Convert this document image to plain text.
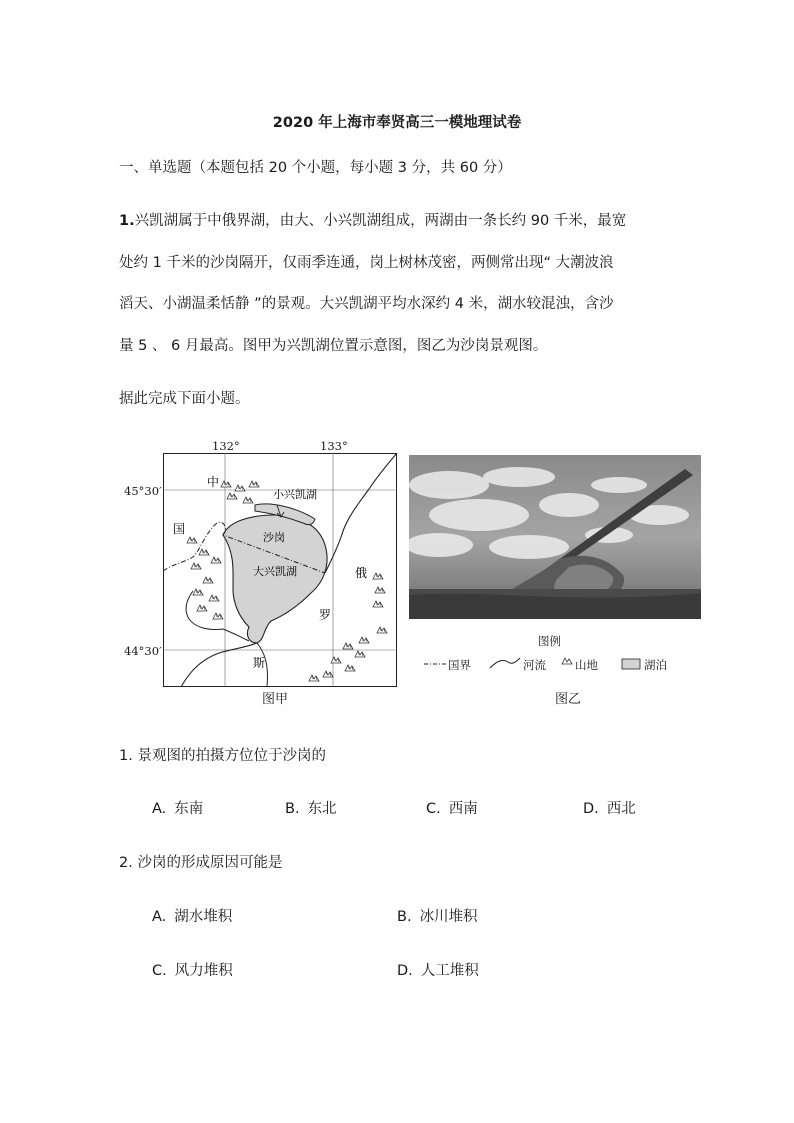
2020 年上海市奉贤高三一模地理试卷
一、单选题（本题包括 20 个小题，每小题 3 分，共 60 分）
1.兴凯湖属于中俄界湖，由大、小兴凯湖组成，两湖由一条长约 90 千米，最宽
处约 1 千米的沙岗隔开，仅雨季连通，岗上树林茂密，两侧常出现“ 大潮波浪
滔天、小湖温柔恬静 ”的景观。大兴凯湖平均水深约 4 米，湖水较混浊，含沙
量 5 、 6 月最高。图甲为兴凯湖位置示意图，图乙为沙岗景观图。
据此完成下面小题。
中
国
俄
罗
斯
小兴凯湖
沙岗
大兴凯湖
132°	133°
45°30′
44°30′
图甲
图例
国界	河流	山地	湖泊
图乙
1. 景观图的拍摄方位位于沙岗的
A. 东南	B. 东北	C. 西南	D. 西北
2. 沙岗的形成原因可能是
A. 湖水堆积	B. 冰川堆积
C. 风力堆积	D. 人工堆积
